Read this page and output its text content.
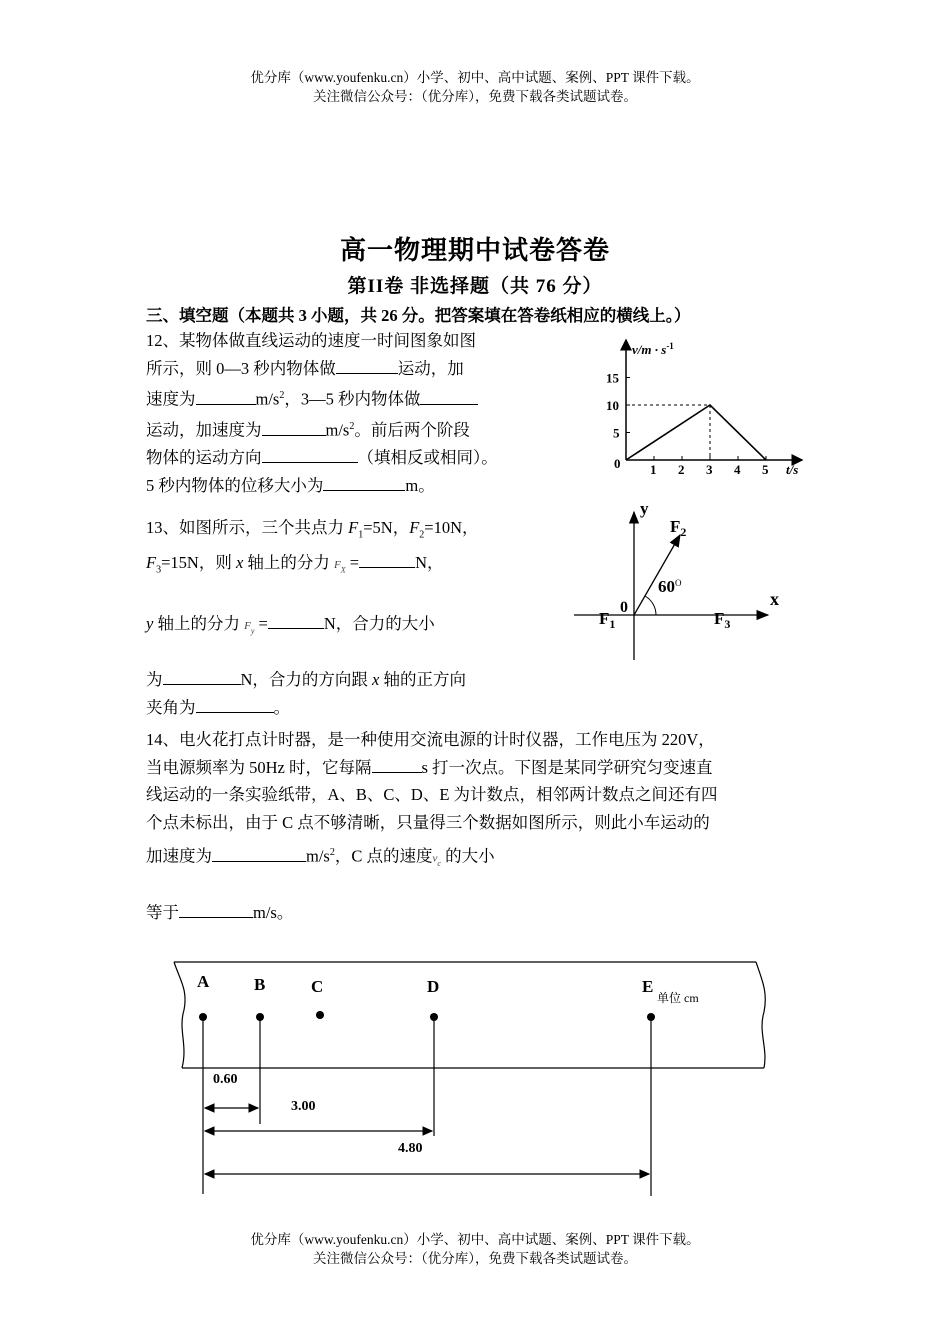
优分库（www.youfenku.cn）小学、初中、高中试题、案例、PPT 课件下载。
关注微信公众号：（优分库），免费下载各类试题试卷。
高一物理期中试卷答卷
第II卷 非选择题（共 76 分）
三、填空题（本题共 3 小题，共 26 分。把答案填在答卷纸相应的横线上。）
12、某物体做直线运动的速度一时间图象如图
所示，则 0—3 秒内物体做	运动，加
速度为	$m/s^2$，3—5 秒内物体做
运动，加速度为	$m/s^2$。前后两个阶段
物体的运动方向	（填相反或相同）。
5 秒内物体的位移大小为	m。
$v/m \cdot s^{-1}$
t/s
0 1 2 3 4 5
15
10
5
13、如图所示，三个共点力 $F_1=5N$，$F_2=10N$，
$F_3=15N$，则 x 轴上的分力 $F_X$ =	N，
y 轴上的分力 $F_y$ =	N，合力的大小
为	N，合力的方向跟 x 轴的正方向
夹角为	。
y
x
$F_2$
$60^O$
0
$F_1$	$F_3$
14、电火花打点计时器，是一种使用交流电源的计时仪器，工作电压为 220V，
当电源频率为 50Hz 时，它每隔	s 打一次点。下图是某同学研究匀变速直
线运动的一条实验纸带，A、B、C、D、E 为计数点，相邻两计数点之间还有四
个点未标出，由于 C 点不够清晰，只量得三个数据如图所示，则此小车运动的
加速度为	$m/s^2$，C 点的速度$v_c$ 的大小
等于	m/s。
A	B	C	D	E
单位 cm
0.60
3.00
4.80
优分库（www.youfenku.cn）小学、初中、高中试题、案例、PPT 课件下载。
关注微信公众号：（优分库），免费下载各类试题试卷。
